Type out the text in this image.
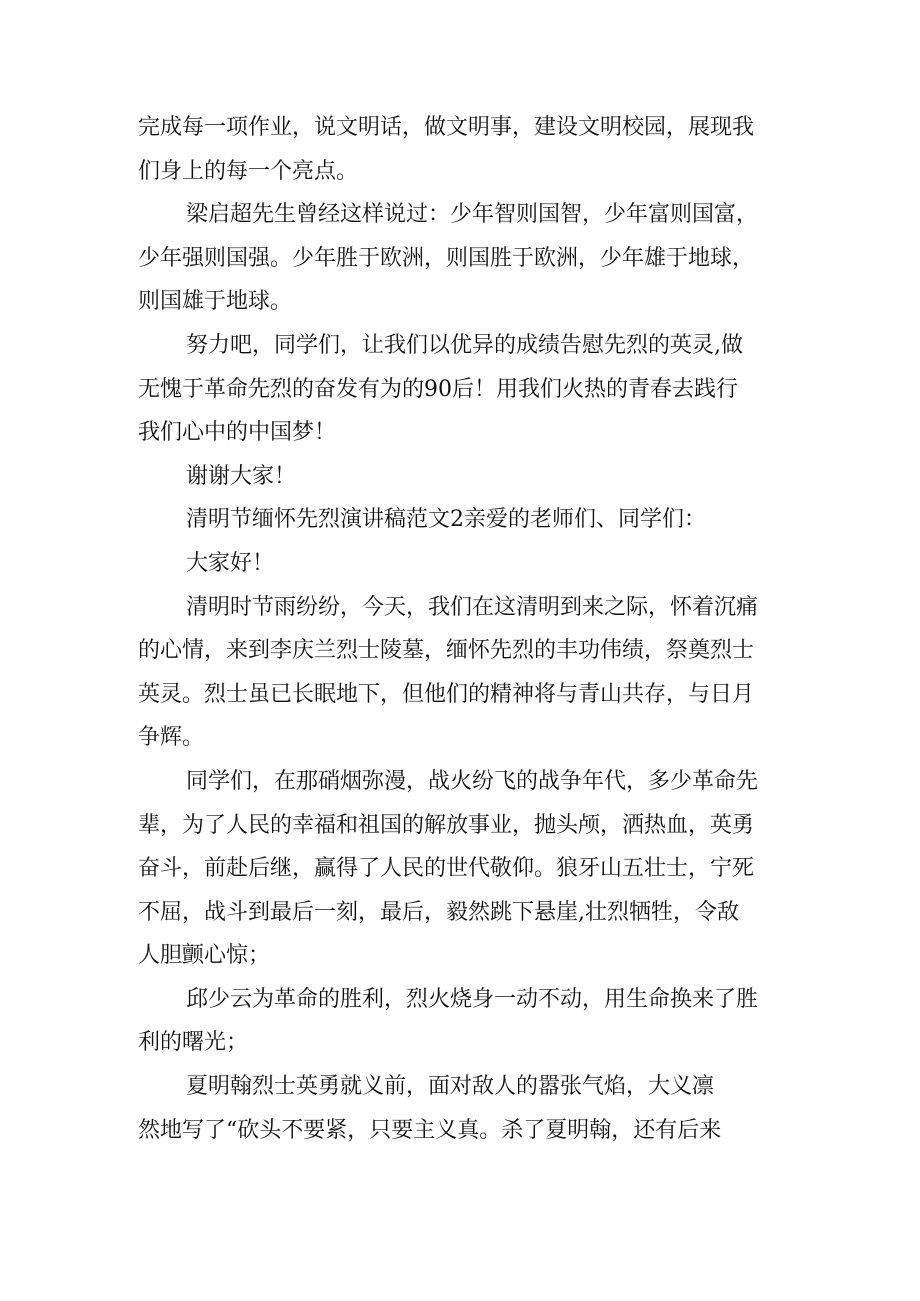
完成每一项作业，说文明话，做文明事，建设文明校园，展现我

们身上的每一个亮点。

梁启超先生曾经这样说过：少年智则国智，少年富则国富，

少年强则国强。少年胜于欧洲，则国胜于欧洲，少年雄于地球，

则国雄于地球。

努力吧，同学们，让我们以优异的成绩告慰先烈的英灵,做

无愧于革命先烈的奋发有为的90后！用我们火热的青春去践行

我们心中的中国梦！

谢谢大家！

清明节缅怀先烈演讲稿范文2亲爱的老师们、同学们：

大家好！

清明时节雨纷纷，今天，我们在这清明到来之际，怀着沉痛

的心情，来到李庆兰烈士陵墓，缅怀先烈的丰功伟绩，祭奠烈士

英灵。烈士虽已长眠地下，但他们的精神将与青山共存，与日月

争辉。

同学们，在那硝烟弥漫，战火纷飞的战争年代，多少革命先

辈，为了人民的幸福和祖国的解放事业，抛头颅，洒热血，英勇

奋斗，前赴后继，赢得了人民的世代敬仰。狼牙山五壮士，宁死

不屈，战斗到最后一刻，最后，毅然跳下悬崖,壮烈牺牲，令敌

人胆颤心惊；

邱少云为革命的胜利，烈火烧身一动不动，用生命换来了胜

利的曙光；

夏明翰烈士英勇就义前，面对敌人的嚣张气焰，大义凛

然地写了“砍头不要紧，只要主义真。杀了夏明翰，还有后来
